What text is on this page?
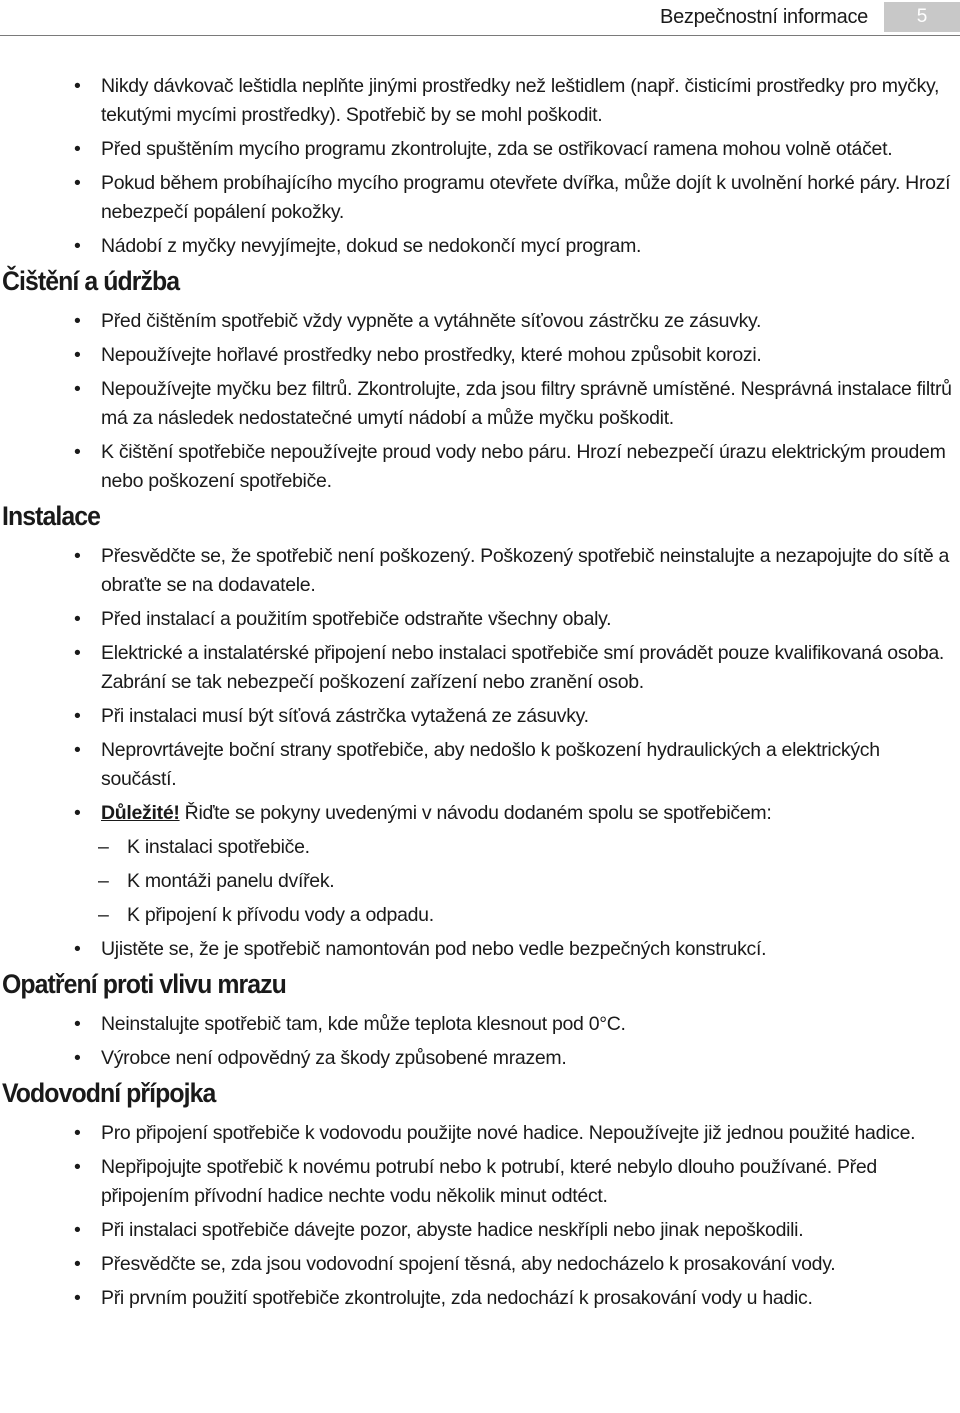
Bezpečnostní informace	5
• Nikdy dávkovač leštidla neplňte jinými prostředky než leštidlem (např. čisticími prostředky pro myčky, tekutými mycími prostředky). Spotřebič by se mohl poškodit.
• Před spuštěním mycího programu zkontrolujte, zda se ostřikovací ramena mohou volně otáčet.
• Pokud během probíhajícího mycího programu otevřete dvířka, může dojít k uvolnění horké páry. Hrozí nebezpečí popálení pokožky.
• Nádobí z myčky nevyjímejte, dokud se nedokončí mycí program.
Čištění a údržba
• Před čištěním spotřebič vždy vypněte a vytáhněte síťovou zástrčku ze zásuvky.
• Nepoužívejte hořlavé prostředky nebo prostředky, které mohou způsobit korozi.
• Nepoužívejte myčku bez filtrů. Zkontrolujte, zda jsou filtry správně umístěné. Nesprávná instalace filtrů má za následek nedostatečné umytí nádobí a může myčku poškodit.
• K čištění spotřebiče nepoužívejte proud vody nebo páru. Hrozí nebezpečí úrazu elektrickým proudem nebo poškození spotřebiče.
Instalace
• Přesvědčte se, že spotřebič není poškozený. Poškozený spotřebič neinstalujte a nezapojujte do sítě a obraťte se na dodavatele.
• Před instalací a použitím spotřebiče odstraňte všechny obaly.
• Elektrické a instalatérské připojení nebo instalaci spotřebiče smí provádět pouze kvalifikovaná osoba. Zabrání se tak nebezpečí poškození zařízení nebo zranění osob.
• Při instalaci musí být síťová zástrčka vytažená ze zásuvky.
• Neprovrtávejte boční strany spotřebiče, aby nedošlo k poškození hydraulických a elektrických součástí.
• Důležité! Řiďte se pokyny uvedenými v návodu dodaném spolu se spotřebičem:
– K instalaci spotřebiče.
– K montáži panelu dvířek.
– K připojení k přívodu vody a odpadu.
• Ujistěte se, že je spotřebič namontován pod nebo vedle bezpečných konstrukcí.
Opatření proti vlivu mrazu
• Neinstalujte spotřebič tam, kde může teplota klesnout pod 0°C.
• Výrobce není odpovědný za škody způsobené mrazem.
Vodovodní přípojka
• Pro připojení spotřebiče k vodovodu použijte nové hadice. Nepoužívejte již jednou použité hadice.
• Nepřipojujte spotřebič k novému potrubí nebo k potrubí, které nebylo dlouho používané. Před připojením přívodní hadice nechte vodu několik minut odtéct.
• Při instalaci spotřebiče dávejte pozor, abyste hadice neskřípli nebo jinak nepoškodili.
• Přesvědčte se, zda jsou vodovodní spojení těsná, aby nedocházelo k prosakování vody.
• Při prvním použití spotřebiče zkontrolujte, zda nedochází k prosakování vody u hadic.
